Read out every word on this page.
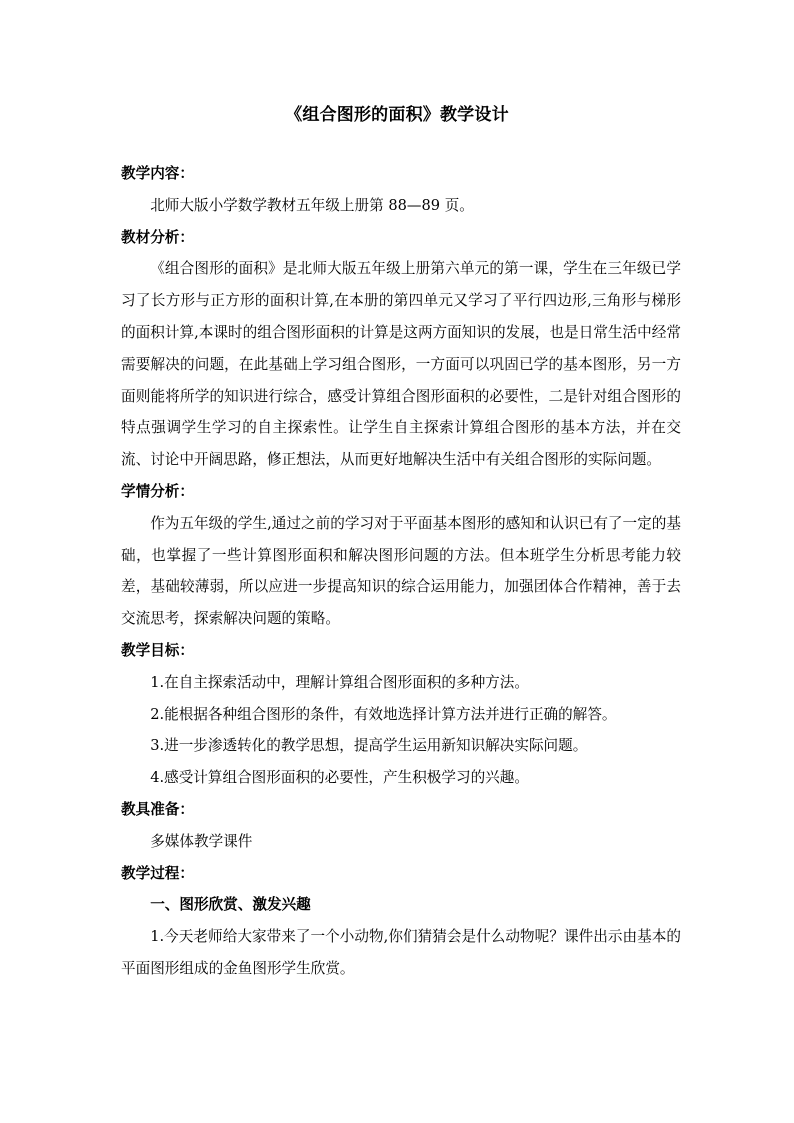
《组合图形的面积》教学设计
教学内容：
北师大版小学数学教材五年级上册第 88—89 页。
教材分析：
《组合图形的面积》是北师大版五年级上册第六单元的第一课，学生在三年级已学习了长方形与正方形的面积计算,在本册的第四单元又学习了平行四边形,三角形与梯形的面积计算,本课时的组合图形面积的计算是这两方面知识的发展，也是日常生活中经常需要解决的问题，在此基础上学习组合图形，一方面可以巩固已学的基本图形，另一方面则能将所学的知识进行综合，感受计算组合图形面积的必要性，二是针对组合图形的特点强调学生学习的自主探索性。让学生自主探索计算组合图形的基本方法，并在交流、讨论中开阔思路，修正想法，从而更好地解决生活中有关组合图形的实际问题。
学情分析：
作为五年级的学生,通过之前的学习对于平面基本图形的感知和认识已有了一定的基础，也掌握了一些计算图形面积和解决图形问题的方法。但本班学生分析思考能力较差，基础较薄弱，所以应进一步提高知识的综合运用能力，加强团体合作精神，善于去交流思考，探索解决问题的策略。
教学目标：
1.在自主探索活动中，理解计算组合图形面积的多种方法。
2.能根据各种组合图形的条件，有效地选择计算方法并进行正确的解答。
3.进一步渗透转化的教学思想，提高学生运用新知识解决实际问题。
4.感受计算组合图形面积的必要性，产生积极学习的兴趣。
教具准备：
多媒体教学课件
教学过程：
一、图形欣赏、激发兴趣
1.今天老师给大家带来了一个小动物,你们猜猜会是什么动物呢？课件出示由基本的平面图形组成的金鱼图形学生欣赏。
